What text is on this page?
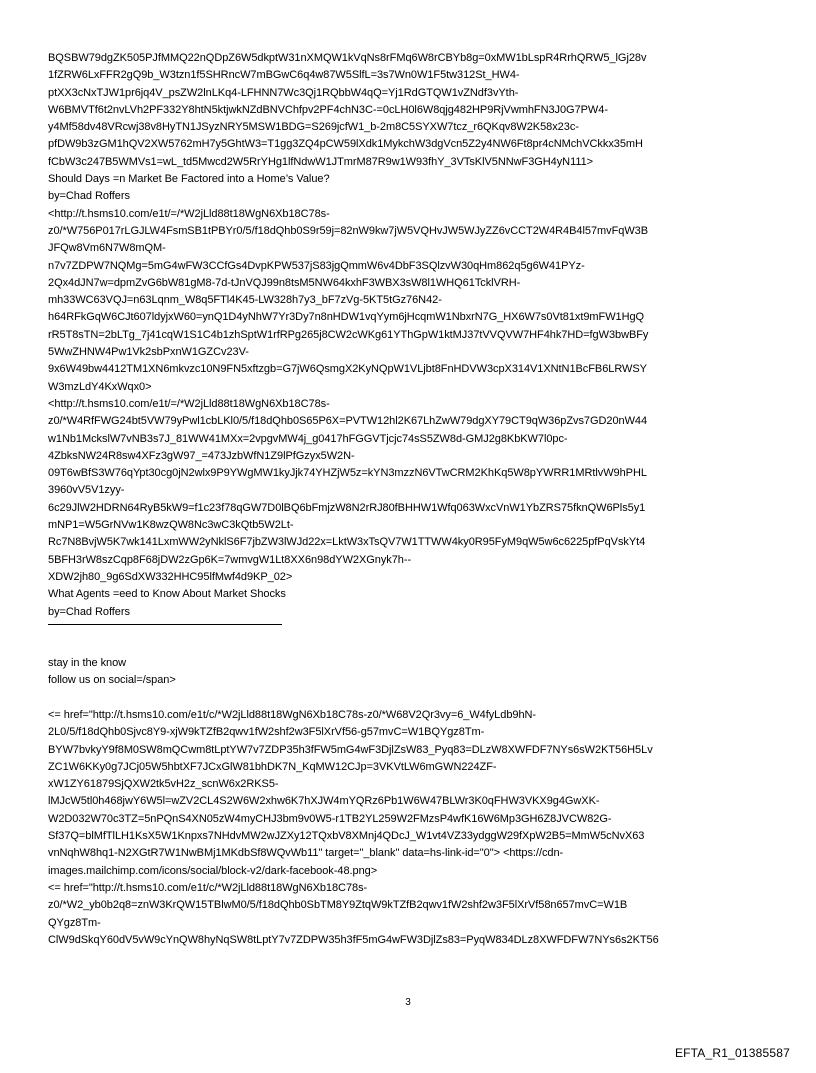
BQSBW79dgZK505PJfMMQ22nQDpZ6W5dkptW31nXMQW1kVqNs8rFMq6W8rCBYb8g=0xMW1bLspR4RrhQRW5_lGj28v
1fZRW6LxFFR2gQ9b_W3tzn1f5SHRncW7mBGwC6q4w87W5SlfL=3s7Wn0W1F5tw312St_HW4-
ptXX3cNxTJW1pr6jq4V_psZW2lnLKq4-LFHNN7Wc3Qj1RQbbW4qQ=Yj1RdGTQW1vZNdf3vYth-
W6BMVTf6t2nvLVh2PF332Y8htN5ktjwkNZdBNVChfpv2PF4chN3C-=0cLH0l6W8qjg482HP9RjVwmhFN3J0G7PW4-
y4Mf58dv48VRcwj38v8HyTN1JSyzNRY5MSW1BDG=S269jcfW1_b-2m8C5SYXW7tcz_r6QKqv8W2K58x23c-
pfDW9b3zGM1hQV2XW5762mH7y5GhtW3=T1gg3ZQ4pCW59lXdk1MykchW3dgVcn5Z2y4NW6Ft8pr4cNMchVCkkx35mH
fCbW3c247B5WMVs1=wL_td5Mwcd2W5RrYHg1lfNdwW1JTmrM87R9w1W93fhY_3VTsKlV5NNwF3GH4yN111>
Should Days =n Market Be Factored into a Home’s Value?
by=Chad Roffers
<http://t.hsms10.com/e1t/=/*W2jLld88t18WgN6Xb18C78s-
z0/*W756P017rLGJLW4FsmSB1tPBYr0/5/f18dQhb0S9r59j=82nW9kw7jW5VQHvJW5WJyZZ6vCCT2W4R4B4l57mvFqW3B
JFQw8Vm6N7W8mQM-
n7v7ZDPW7NQMg=5mG4wFW3CCfGs4DvpKPW537jS83jgQmmW6v4DbF3SQlzvW30qHm862q5g6W41PYz-
2Qx4dJN7w=dpmZvG6bW81gM8-7d-tJnVQJ99n8tsM5NW64kxhF3WBX3sW8l1WHQ61TcklVRH-
mh33WC63VQJ=n63Lqnm_W8q5FTl4K45-LW328h7y3_bF7zVg-5KT5tGz76N42-
h64RFkGqW6CJt607ldyjxW60=ynQ1D4yNhW7Yr3Dy7n8nHDW1vqYym6jHcqmW1NbxrN7G_HX6W7s0Vt81xt9mFW1HgQ
rR5T8sTN=2bLTg_7j41cqW1S1C4b1zhSptW1rfRPg265j8CW2cWKg61YThGpW1ktMJ37tVVQVW7HF4hk7HD=fgW3bwBFy
5WwZHNW4Pw1Vk2sbPxnW1GZCv23V-
9x6W49bw4412TM1XN6mkvzc10N9FN5xftzgb=G7jW6QsmgX2KyNQpW1VLjbt8FnHDVW3cpX314V1XNtN1BcFB6LRWSY
W3mzLdY4KxWqx0>
<http://t.hsms10.com/e1t/=/*W2jLld88t18WgN6Xb18C78s-
z0/*W4RfFWG24bt5VW79yPwl1cbLKl0/5/f18dQhb0S65P6X=PVTW12hl2K67LhZwW79dgXY79CT9qW36pZvs7GD20nW44
w1Nb1MckslW7vNB3s7J_81WW41MXx=2vpgvMW4j_g0417hFGGVTjcjc74sS5ZW8d-GMJ2g8KbKW7l0pc-
4ZbksNW24R8sw4XFz3gW97_=473JzbWfN1Z9lPfGzyx5W2N-
09T6wBfS3W76qYpt30cg0jN2wlx9P9YWgMW1kyJjk74YHZjW5z=kYN3mzzN6VTwCRM2KhKq5W8pYWRR1MRtlvW9hPHL
3960vV5V1zyy-
6c29JlW2HDRN64RyB5kW9=f1c23f78qGW7D0lBQ6bFmjzW8N2rRJ80fBHHW1Wfq063WxcVnW1YbZRS75fknQW6Pls5y1
mNP1=W5GrNVw1K8wzQW8Nc3wC3kQtb5W2Lt-
Rc7N8BvjW5K7wk141LxmWW2yNklS6F7jbZW3lWJd22x=LktW3xTsQV7W1TTWW4ky0R95FyM9qW5w6c6225pfPqVskYt4
5BFH3rW8szCqp8F68jDW2zGp6K=7wmvgW1Lt8XX6n98dYW2XGnyk7h--
XDW2jh80_9g6SdXW332HHC95lfMwf4d9KP_02>
What Agents =eed to Know About Market Shocks
by=Chad Roffers
stay in the know
follow us on social=/span>
<= href="http://t.hsms10.com/e1t/c/*W2jLld88t18WgN6Xb18C78s-z0/*W68V2Qr3vy=6_W4fyLdb9hN-
2L0/5/f18dQhb0Sjvc8Y9-xjW9kTZfB2qwv1fW2shf2w3F5lXrVf56-g57mvC=W1BQYgz8Tm-
BYW7bvkyY9f8M0SW8mQCwm8tLptYW7v7ZDP35h3fFW5mG4wF3DjlZsW83_Pyq83=DLzW8XWFDF7NYs6sW2KT56H5Lv
ZC1W6KKy0g7JCj05W5hbtXF7JCxGlW81bhDK7N_KqMW12CJp=3VKVtLW6mGWN224ZF-
xW1ZY61879SjQXW2tk5vH2z_scnW6x2RKS5-
lMJcW5tl0h468jwY6W5l=wZV2CL4S2W6W2xhw6K7hXJW4mYQRz6Pb1W6W47BLWr3K0qFHW3VKX9g4GwXK-
W2D032W70c3TZ=5nPQnS4XN05zW4myCHJ3bm9v0W5-r1TB2YL259W2FMzsP4wfK16W6Mp3GH6Z8JVCW82G-
Sf37Q=blMfTlLH1KsX5W1Knpxs7NHdvMW2wJZXy12TQxbV8XMnj4QDcJ_W1vt4VZ33ydggW29fXpW2B5=MmW5cNvX63
vnNqhW8hq1-N2XGtR7W1NwBMj1MKdbSf8WQvWb11" target="_blank" data=hs-link-id="0"> <https://cdn-
images.mailchimp.com/icons/social/block-v2/dark-facebook-48.png>
<= href="http://t.hsms10.com/e1t/c/*W2jLld88t18WgN6Xb18C78s-
z0/*W2_yb0b2q8=znW3KrQW15TBlwM0/5/f18dQhb0SbTM8Y9ZtqW9kTZfB2qwv1fW2shf2w3F5lXrVf58n657mvC=W1B
QYgz8Tm-
ClW9dSkqY60dV5vW9cYnQW8hyNqSW8tLptY7v7ZDPW35h3fF5mG4wFW3DjlZs83=PyqW834DLz8XWFDFW7NYs6s2KT56
3
EFTA_R1_01385587
